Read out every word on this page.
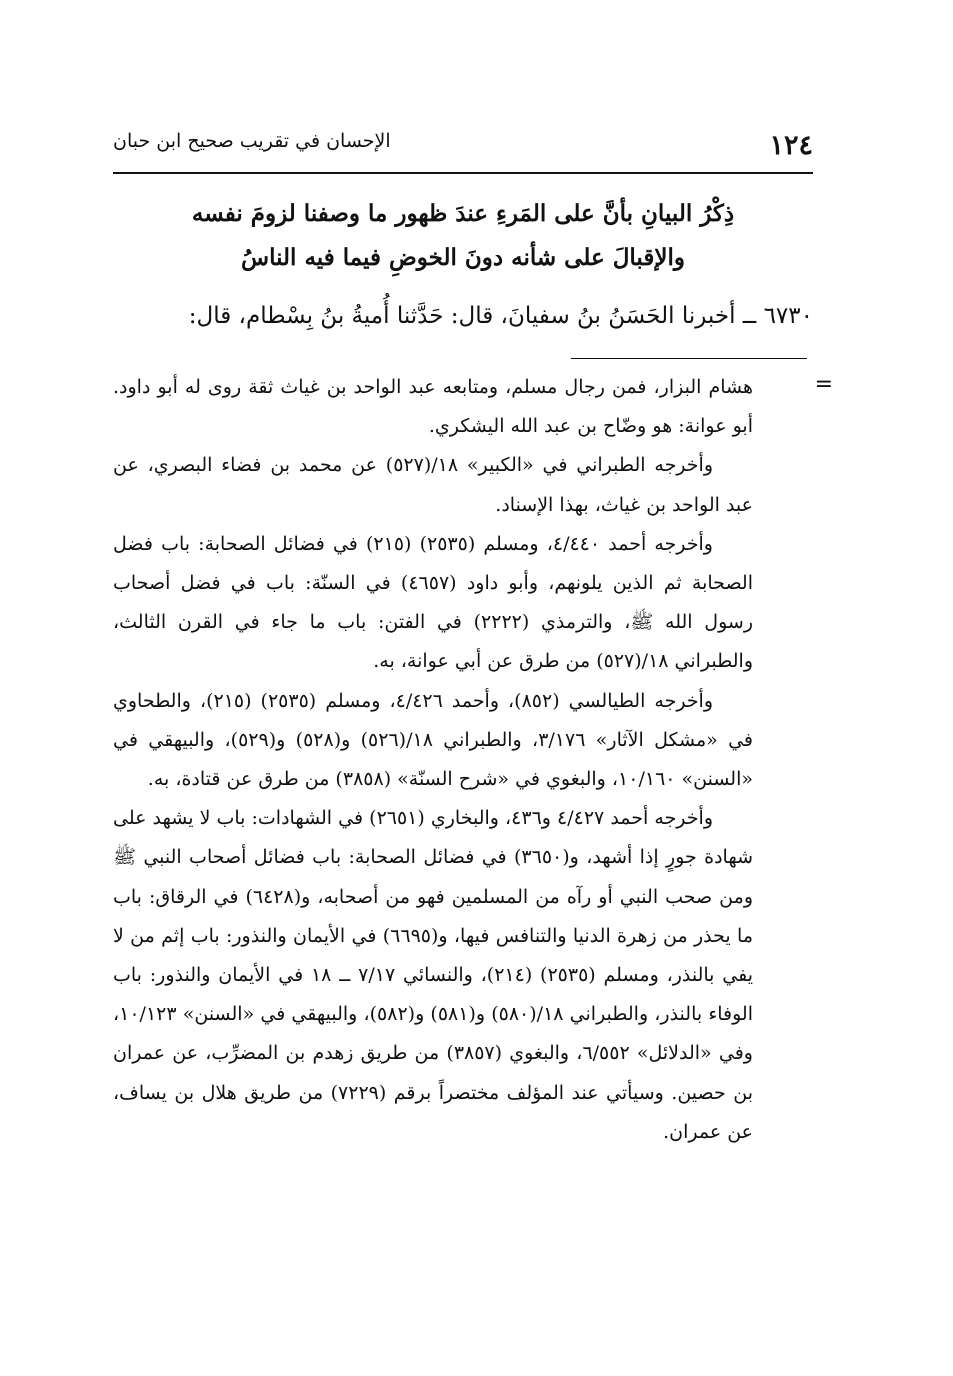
١٢٤
الإحسان في تقريب صحيح ابن حبان
ذِكْرُ البيانِ بأنَّ على المَرءِ عندَ ظهور ما وصفنا لزومَ نفسه
والإقبالَ على شأنه دونَ الخوضِ فيما فيه الناسُ
٦٧٣٠ ــ أخبرنا الحَسَنُ بنُ سفيانَ، قال: حَدَّثنا أُميةُ بنُ بِسْطام، قال:
=

هشام البزار، فمن رجال مسلم، ومتابعه عبد الواحد بن غياث ثقة روى له أبو داود. أبو عوانة: هو وضّاح بن عبد الله اليشكري.

وأخرجه الطبراني في «الكبير» ١٨/(٥٢٧) عن محمد بن فضاء البصري، عن عبد الواحد بن غياث، بهذا الإسناد.

وأخرجه أحمد ٤/٤٤٠، ومسلم (٢٥٣٥) (٢١٥) في فضائل الصحابة: باب فضل الصحابة ثم الذين يلونهم، وأبو داود (٤٦٥٧) في السنّة: باب في فضل أصحاب رسول الله ﷺ، والترمذي (٢٢٢٢) في الفتن: باب ما جاء في القرن الثالث، والطبراني ١٨/(٥٢٧) من طرق عن أبي عوانة، به.

وأخرجه الطيالسي (٨٥٢)، وأحمد ٤/٤٢٦، ومسلم (٢٥٣٥) (٢١٥)، والطحاوي في «مشكل الآثار» ٣/١٧٦، والطبراني ١٨/(٥٢٦) و(٥٢٨) و(٥٢٩)، والبيهقي في «السنن» ١٠/١٦٠، والبغوي في «شرح السنّة» (٣٨٥٨) من طرق عن قتادة، به.

وأخرجه أحمد ٤/٤٢٧ و٤٣٦، والبخاري (٢٦٥١) في الشهادات: باب لا يشهد على شهادة جورٍ إذا أشهد، و(٣٦٥٠) في فضائل الصحابة: باب فضائل أصحاب النبي ﷺ ومن صحب النبي أو رآه من المسلمين فهو من أصحابه، و(٦٤٢٨) في الرقاق: باب ما يحذر من زهرة الدنيا والتنافس فيها، و(٦٦٩٥) في الأيمان والنذور: باب إثم من لا يفي بالنذر، ومسلم (٢٥٣٥) (٢١٤)، والنسائي ٧/١٧ ــ ١٨ في الأيمان والنذور: باب الوفاء بالنذر، والطبراني ١٨/(٥٨٠) و(٥٨١) و(٥٨٢)، والبيهقي في «السنن» ١٠/١٢٣، وفي «الدلائل» ٦/٥٥٢، والبغوي (٣٨٥٧) من طريق زهدم بن المضرِّب، عن عمران بن حصين. وسيأتي عند المؤلف مختصراً برقم (٧٢٢٩) من طريق هلال بن يساف، عن عمران.
